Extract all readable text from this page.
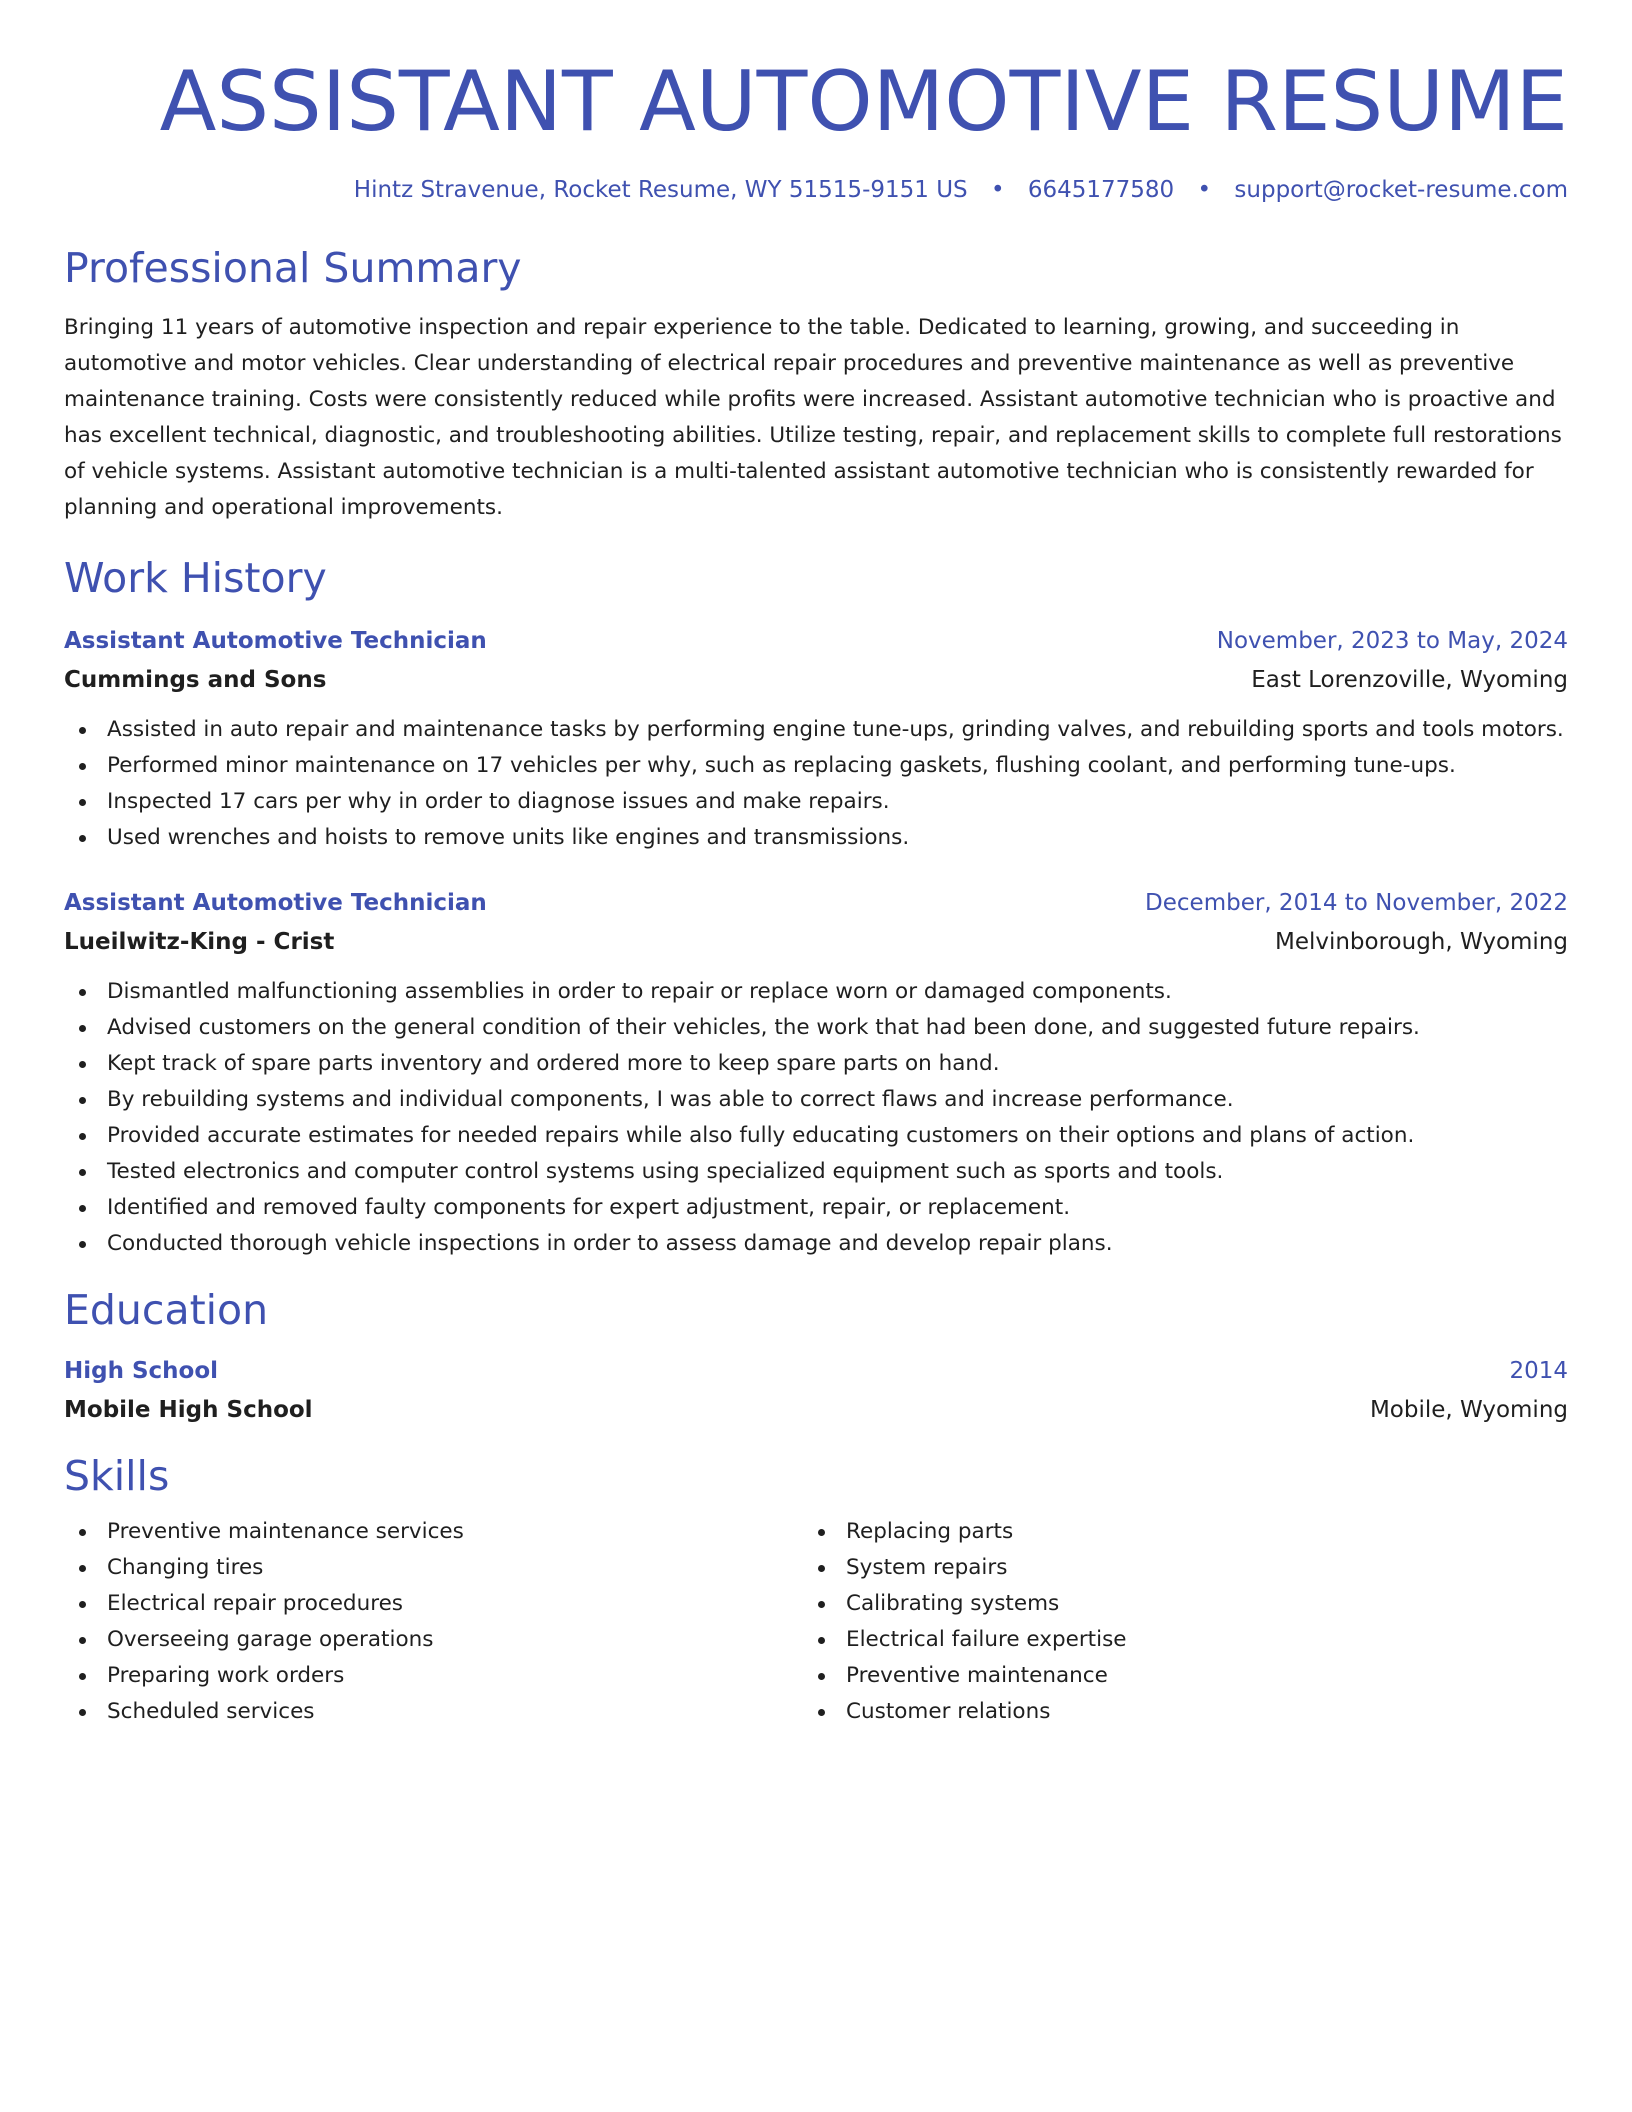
ASSISTANT AUTOMOTIVE RESUME
Hintz Stravenue, Rocket Resume, WY 51515-9151 US • 6645177580 • support@rocket-resume.com
Professional Summary

Bringing 11 years of automotive inspection and repair experience to the table. Dedicated to learning, growing, and succeeding in automotive and motor vehicles. Clear understanding of electrical repair procedures and preventive maintenance as well as preventive maintenance training. Costs were consistently reduced while profits were increased. Assistant automotive technician who is proactive and has excellent technical, diagnostic, and troubleshooting abilities. Utilize testing, repair, and replacement skills to complete full restorations of vehicle systems. Assistant automotive technician is a multi-talented assistant automotive technician who is consistently rewarded for planning and operational improvements.

Work History
Assistant Automotive Technician	November, 2023 to May, 2024
Cummings and Sons	East Lorenzoville, Wyoming
Assisted in auto repair and maintenance tasks by performing engine tune-ups, grinding valves, and rebuilding sports and tools motors.
Performed minor maintenance on 17 vehicles per why, such as replacing gaskets, flushing coolant, and performing tune-ups.
Inspected 17 cars per why in order to diagnose issues and make repairs.
Used wrenches and hoists to remove units like engines and transmissions.
Assistant Automotive Technician	December, 2014 to November, 2022
Lueilwitz-King - Crist	Melvinborough, Wyoming
Dismantled malfunctioning assemblies in order to repair or replace worn or damaged components.
Advised customers on the general condition of their vehicles, the work that had been done, and suggested future repairs.
Kept track of spare parts inventory and ordered more to keep spare parts on hand.
By rebuilding systems and individual components, I was able to correct flaws and increase performance.
Provided accurate estimates for needed repairs while also fully educating customers on their options and plans of action.
Tested electronics and computer control systems using specialized equipment such as sports and tools.
Identified and removed faulty components for expert adjustment, repair, or replacement.
Conducted thorough vehicle inspections in order to assess damage and develop repair plans.
Education
High School	2014
Mobile High School	Mobile, Wyoming
Skills
Preventive maintenance services
Changing tires
Electrical repair procedures
Overseeing garage operations
Preparing work orders
Scheduled services
Replacing parts
System repairs
Calibrating systems
Electrical failure expertise
Preventive maintenance
Customer relations
